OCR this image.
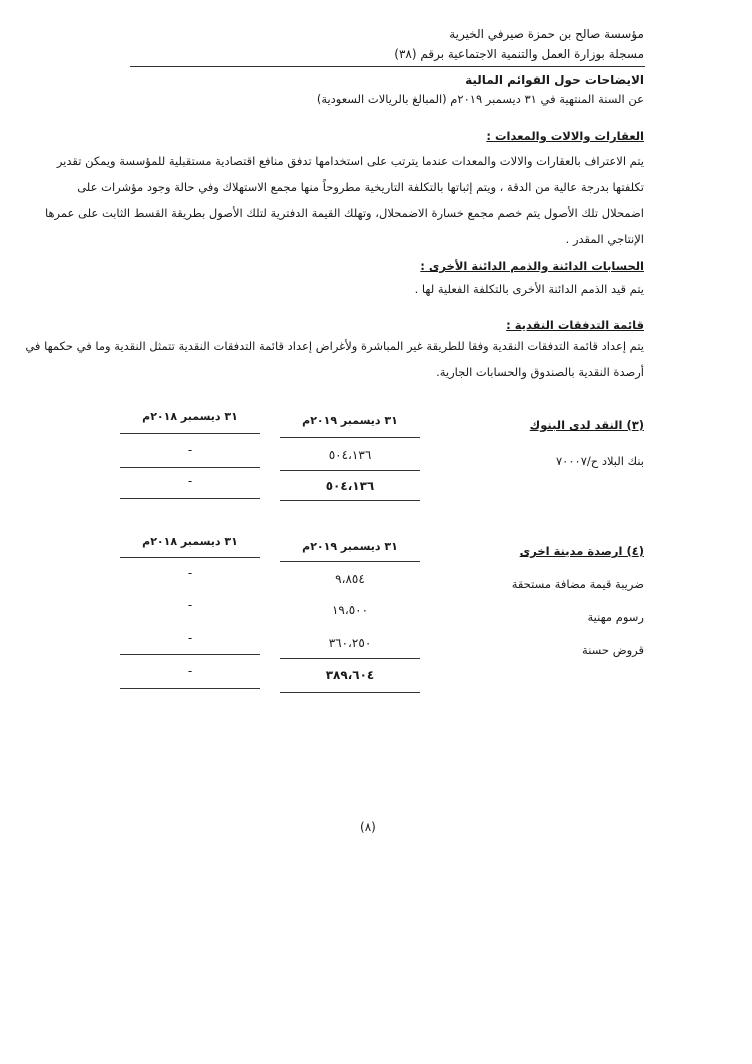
مؤسسة صالح بن حمزة صيرفي الخيرية
مسجلة بوزارة العمل والتنمية الاجتماعية برقم (٣٨)
الايضاحات حول القوائم المالية
عن السنة المنتهية في ٣١ ديسمبر ٢٠١٩م (المبالغ بالريالات السعودية)
العقارات والالات والمعدات :
يتم الاعتراف بالعقارات والالات والمعدات عندما يترتب على استخدامها تدفق منافع اقتصادية مستقبلية للمؤسسة ويمكن تقدير
تكلفتها بدرجة عالية من الدقة ، ويتم إثباتها بالتكلفة التاريخية مطروحاً منها مجمع الاستهلاك وفي حالة وجود مؤشرات على
اضمحلال تلك الأصول يتم خصم مجمع خسارة الاضمحلال، وتهلك القيمة الدفترية لتلك الأصول بطريقة القسط الثابت على عمرها
الإنتاجي المقدر .
الحسابات الدائنة والذمم الدائنة الأخرى :
يتم قيد الذمم الدائنة الأخرى بالتكلفة الفعلية لها .
قائمة التدفقات النقدية :
يتم إعداد قائمة التدفقات النقدية وفقا للطريقة غير المباشرة ولأغراض إعداد قائمة التدفقات النقدية تتمثل النقدية وما في حكمها في
أرصدة النقدية بالصندوق والحسابات الجارية.
(٣) النقد لدى البنوك
٣١ ديسمبر ٢٠١٩م
٣١ ديسمبر ٢٠١٨م
بنك البلاد ح/٧٠٠٠٧
٥٠٤،١٣٦
-
٥٠٤،١٣٦
-
(٤) ارصدة مدينة اخرى
٣١ ديسمبر ٢٠١٩م
٣١ ديسمبر ٢٠١٨م
ضريبة قيمة مضافة مستحقة
٩،٨٥٤
-
رسوم مهنية
١٩،٥٠٠
-
قروض حسنة
٣٦٠،٢٥٠
-
٣٨٩،٦٠٤
-
(٨)
